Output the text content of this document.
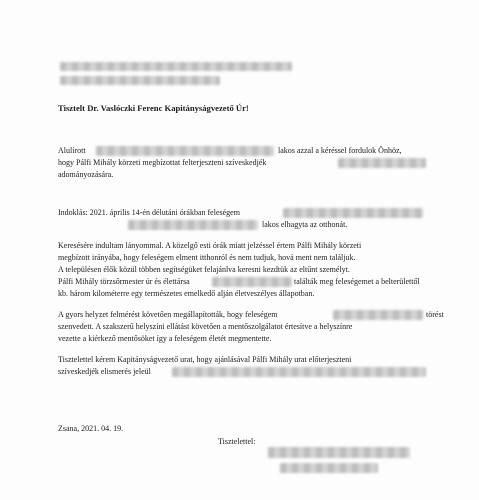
Tisztelt Dr. Vaslóczki Ferenc Kapitányságvezető Úr!
Alulírott	lakos azzal a kéréssel fordulok Önhöz,
hogy Pálfi Mihály körzeti megbízottat felterjeszteni szíveskedjék
adományozására.
Indoklás: 2021. április 14-én délutáni órákban feleségem
lakos elhagyta az otthonát.
Keresésére indultam lányommal. A közelgő esti órák miatt jelzéssel értem Pálfi Mihály körzeti
megbízott irányába, hogy feleségem elment itthonról és nem tudjuk, hová ment nem találjuk.
A településen élők közül többen segítségüket felajánlva keresni kezdtük az eltűnt személyt.
Pálfi Mihály törzsőrmester úr és élettársa	találták meg feleségemet a belterülettől
kb. három kilométerre egy természetes emelkedő alján életveszélyes állapotban.
A gyors helyzet felmérést követően megállapították, hogy feleségem	törést
szenvedett. A szakszerű helyszíni ellátást követően a mentőszolgálatot értesítve a helyszínre
vezette a kiérkező mentősöket így a feleségem életét megmentette.
Tisztelettel kérem Kapitányságvezető urat, hogy ajánlásával Pálfi Mihály urat előterjeszteni
szíveskedjék elismerés jeleül
Zsana, 2021. 04. 19.
Tisztelettel:
